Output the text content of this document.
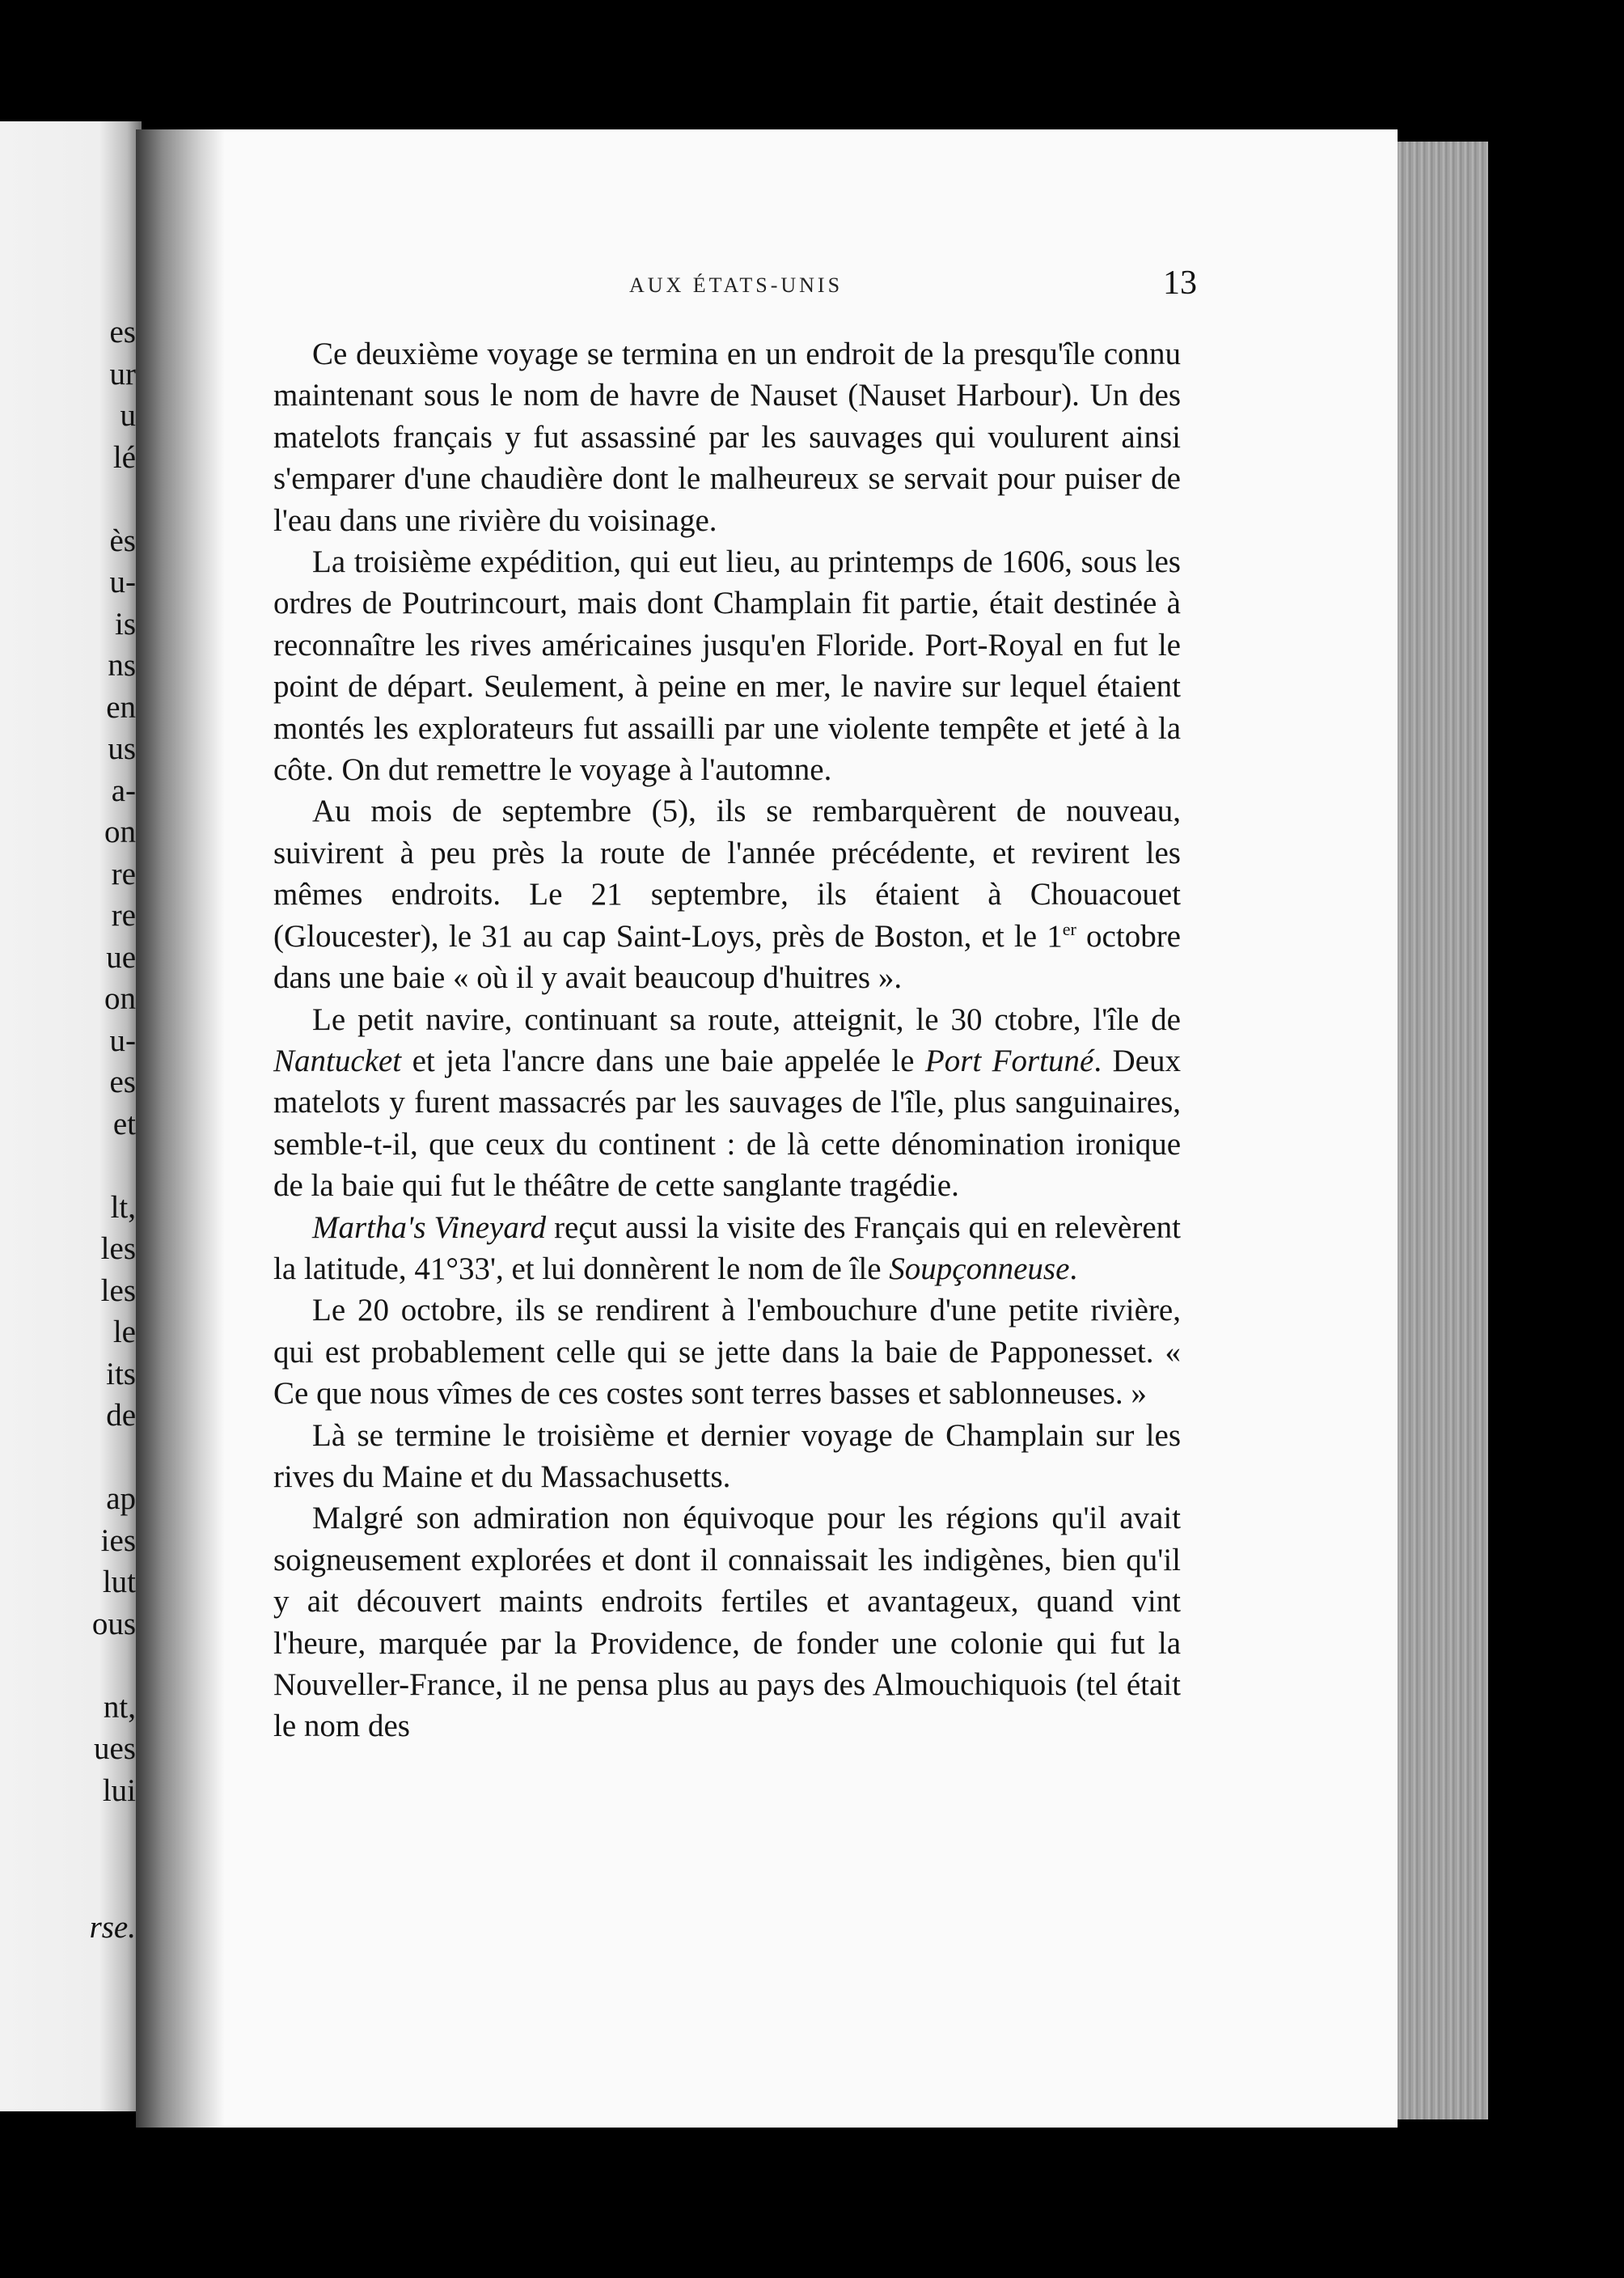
es
ur
u
lé
ès
u-
is
ns
en
us
a-
on
re
re
ue
on
u-
es
et
lt,
les
les
le
its
de
ap
ies
lut
ous
nt,
ues
lui
rse.
AUX ÉTATS-UNIS	13

Ce deuxième voyage se termina en un endroit de la presqu'île connu maintenant sous le nom de havre de Nauset (Nauset Harbour). Un des matelots français y fut assassiné par les sauvages qui voulurent ainsi s'emparer d'une chaudière dont le malheureux se servait pour puiser de l'eau dans une rivière du voisinage.

La troisième expédition, qui eut lieu, au printemps de 1606, sous les ordres de Poutrincourt, mais dont Champlain fit partie, était destinée à reconnaître les rives américaines jusqu'en Floride. Port-Royal en fut le point de départ. Seulement, à peine en mer, le navire sur lequel étaient montés les explorateurs fut assailli par une violente tempête et jeté à la côte. On dut remettre le voyage à l'automne.

Au mois de septembre (5), ils se rembarquèrent de nouveau, suivirent à peu près la route de l'année précédente, et revirent les mêmes endroits. Le 21 septembre, ils étaient à Chouacouet (Gloucester), le 31 au cap Saint-Loys, près de Boston, et le 1er octobre dans une baie « où il y avait beaucoup d'huitres ».

Le petit navire, continuant sa route, atteignit, le 30 ctobre, l'île de Nantucket et jeta l'ancre dans une baie appelée le Port Fortuné. Deux matelots y furent massacrés par les sauvages de l'île, plus sanguinaires, semble-t-il, que ceux du continent : de là cette dénomination ironique de la baie qui fut le théâtre de cette sanglante tragédie.

Martha's Vineyard reçut aussi la visite des Français qui en relevèrent la latitude, 41°33', et lui donnèrent le nom de île Soupçonneuse.

Le 20 octobre, ils se rendirent à l'embouchure d'une petite rivière, qui est probablement celle qui se jette dans la baie de Papponesset. « Ce que nous vîmes de ces costes sont terres basses et sablonneuses. »

Là se termine le troisième et dernier voyage de Champlain sur les rives du Maine et du Massachusetts.

Malgré son admiration non équivoque pour les régions qu'il avait soigneusement explorées et dont il connaissait les indigènes, bien qu'il y ait découvert maints endroits fertiles et avantageux, quand vint l'heure, marquée par la Providence, de fonder une colonie qui fut la Nouveller-France, il ne pensa plus au pays des Almouchiquois (tel était le nom des
